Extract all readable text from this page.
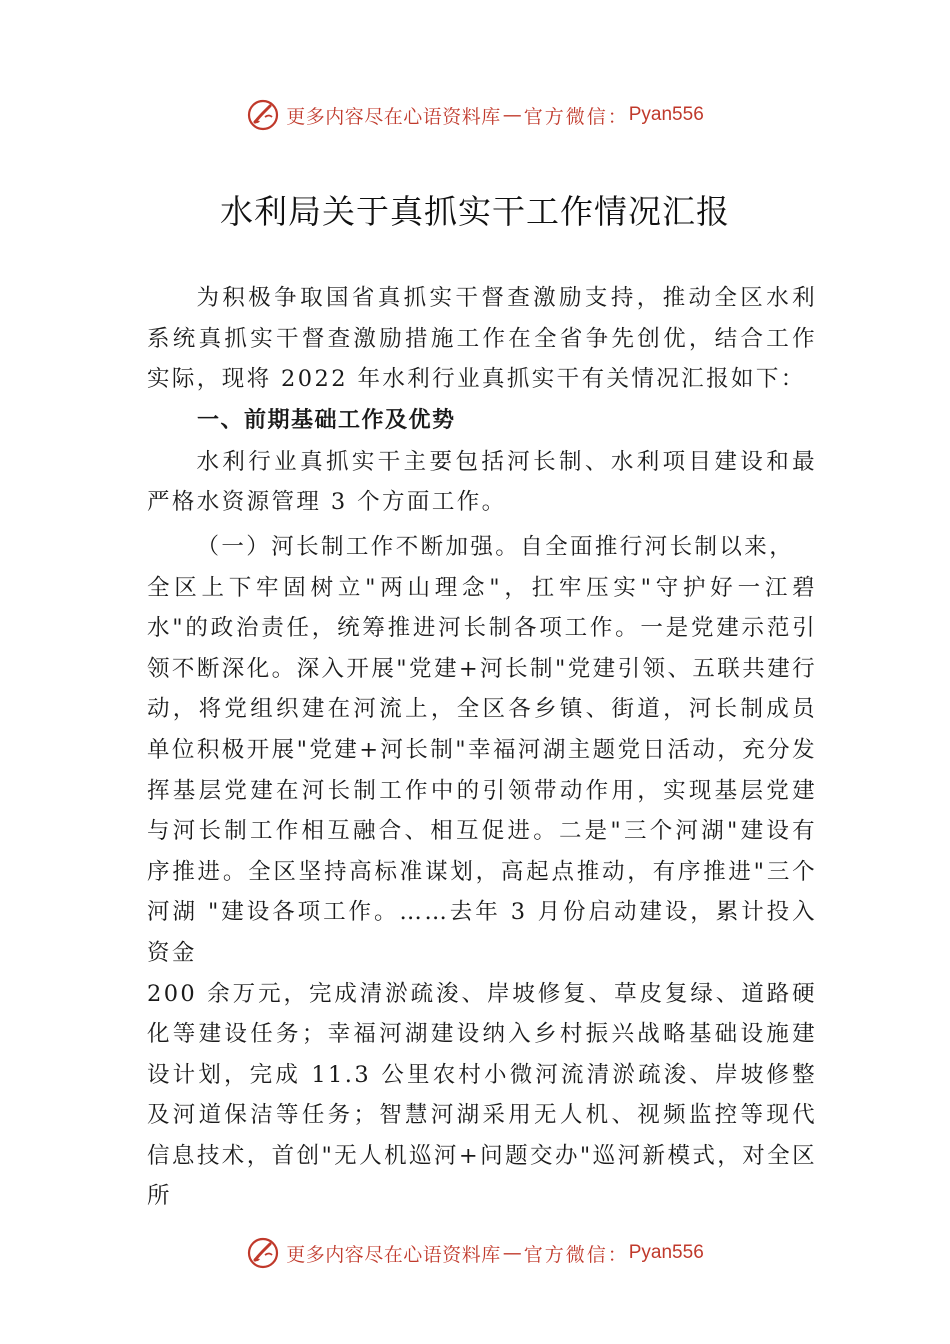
更多内容尽在心语资料库 — 官方微信： Pyan556
水利局关于真抓实干工作情况汇报

为积极争取国省真抓实干督查激励支持，推动全区水利系统真抓实干督查激励措施工作在全省争先创优，结合工作实际，现将 2022 年水利行业真抓实干有关情况汇报如下：

一、前期基础工作及优势

水利行业真抓实干主要包括河长制、水利项目建设和最严格水资源管理 3 个方面工作。

（一）河长制工作不断加强。自全面推行河长制以来，

全区上下牢固树立"两山理念"，扛牢压实"守护好一江碧水"的政治责任，统筹推进河长制各项工作。一是党建示范引领不断深化。深入开展"党建+河长制"党建引领、五联共建行动，将党组织建在河流上，全区各乡镇、街道，河长制成员单位积极开展"党建+河长制"幸福河湖主题党日活动，充分发挥基层党建在河长制工作中的引领带动作用，实现基层党建与河长制工作相互融合、相互促进。二是"三个河湖"建设有序推进。全区坚持高标准谋划，高起点推动，有序推进"三个河湖 "建设各项工作。……去年 3 月份启动建设，累计投入资金

200 余万元，完成清淤疏浚、岸坡修复、草皮复绿、道路硬化等建设任务；幸福河湖建设纳入乡村振兴战略基础设施建设计划，完成 11.3 公里农村小微河流清淤疏浚、岸坡修整及河道保洁等任务；智慧河湖采用无人机、视频监控等现代信息技术，首创"无人机巡河+问题交办"巡河新模式，对全区所

更多内容尽在心语资料库 — 官方微信： Pyan556
